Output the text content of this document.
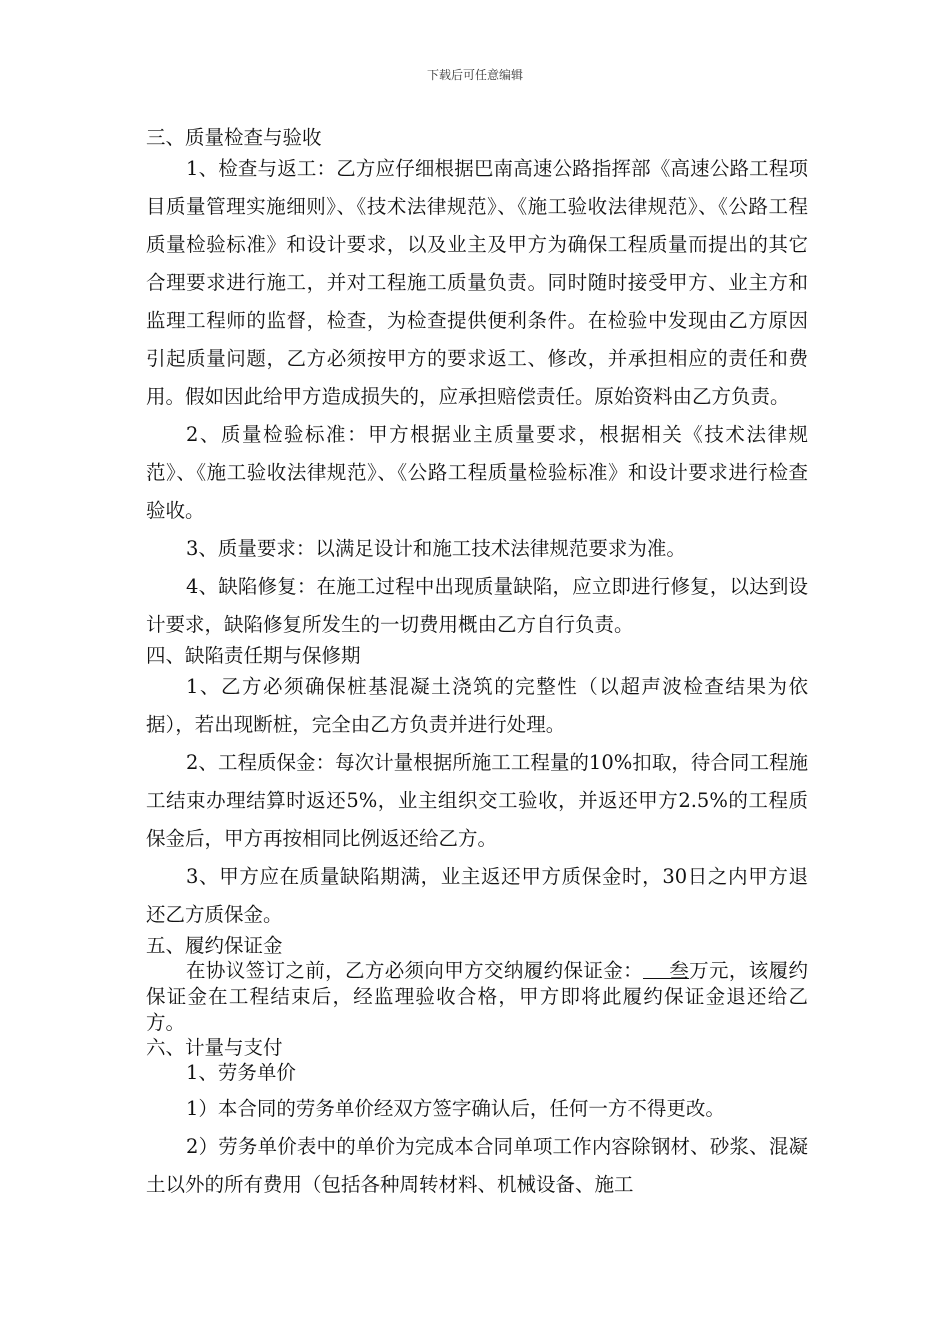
下载后可任意编辑
三、质量检查与验收

1、检查与返工：乙方应仔细根据巴南高速公路指挥部《高速公路工程项目质量管理实施细则》、《技术法律规范》、《施工验收法律规范》、《公路工程质量检验标准》和设计要求，以及业主及甲方为确保工程质量而提出的其它合理要求进行施工，并对工程施工质量负责。同时随时接受甲方、业主方和监理工程师的监督，检查，为检查提供便利条件。在检验中发现由乙方原因引起质量问题，乙方必须按甲方的要求返工、修改，并承担相应的责任和费用。假如因此给甲方造成损失的，应承担赔偿责任。原始资料由乙方负责。

2、质量检验标准：甲方根据业主质量要求，根据相关《技术法律规范》、《施工验收法律规范》、《公路工程质量检验标准》和设计要求进行检查验收。

3、质量要求：以满足设计和施工技术法律规范要求为准。

4、缺陷修复：在施工过程中出现质量缺陷，应立即进行修复，以达到设计要求，缺陷修复所发生的一切费用概由乙方自行负责。

四、缺陷责任期与保修期

1、乙方必须确保桩基混凝土浇筑的完整性（以超声波检查结果为依据），若出现断桩，完全由乙方负责并进行处理。

2、工程质保金：每次计量根据所施工工程量的10%扣取，待合同工程施工结束办理结算时返还5%，业主组织交工验收，并返还甲方2.5%的工程质保金后，甲方再按相同比例返还给乙方。

3、甲方应在质量缺陷期满，业主返还甲方质保金时，30日之内甲方退还乙方质保金。

五、履约保证金

在协议签订之前，乙方必须向甲方交纳履约保证金：    叁万元，该履约保证金在工程结束后，经监理验收合格，甲方即将此履约保证金退还给乙方。

六、计量与支付

1、劳务单价

1）本合同的劳务单价经双方签字确认后，任何一方不得更改。

2）劳务单价表中的单价为完成本合同单项工作内容除钢材、砂浆、混凝土以外的所有费用（包括各种周转材料、机械设备、施工
